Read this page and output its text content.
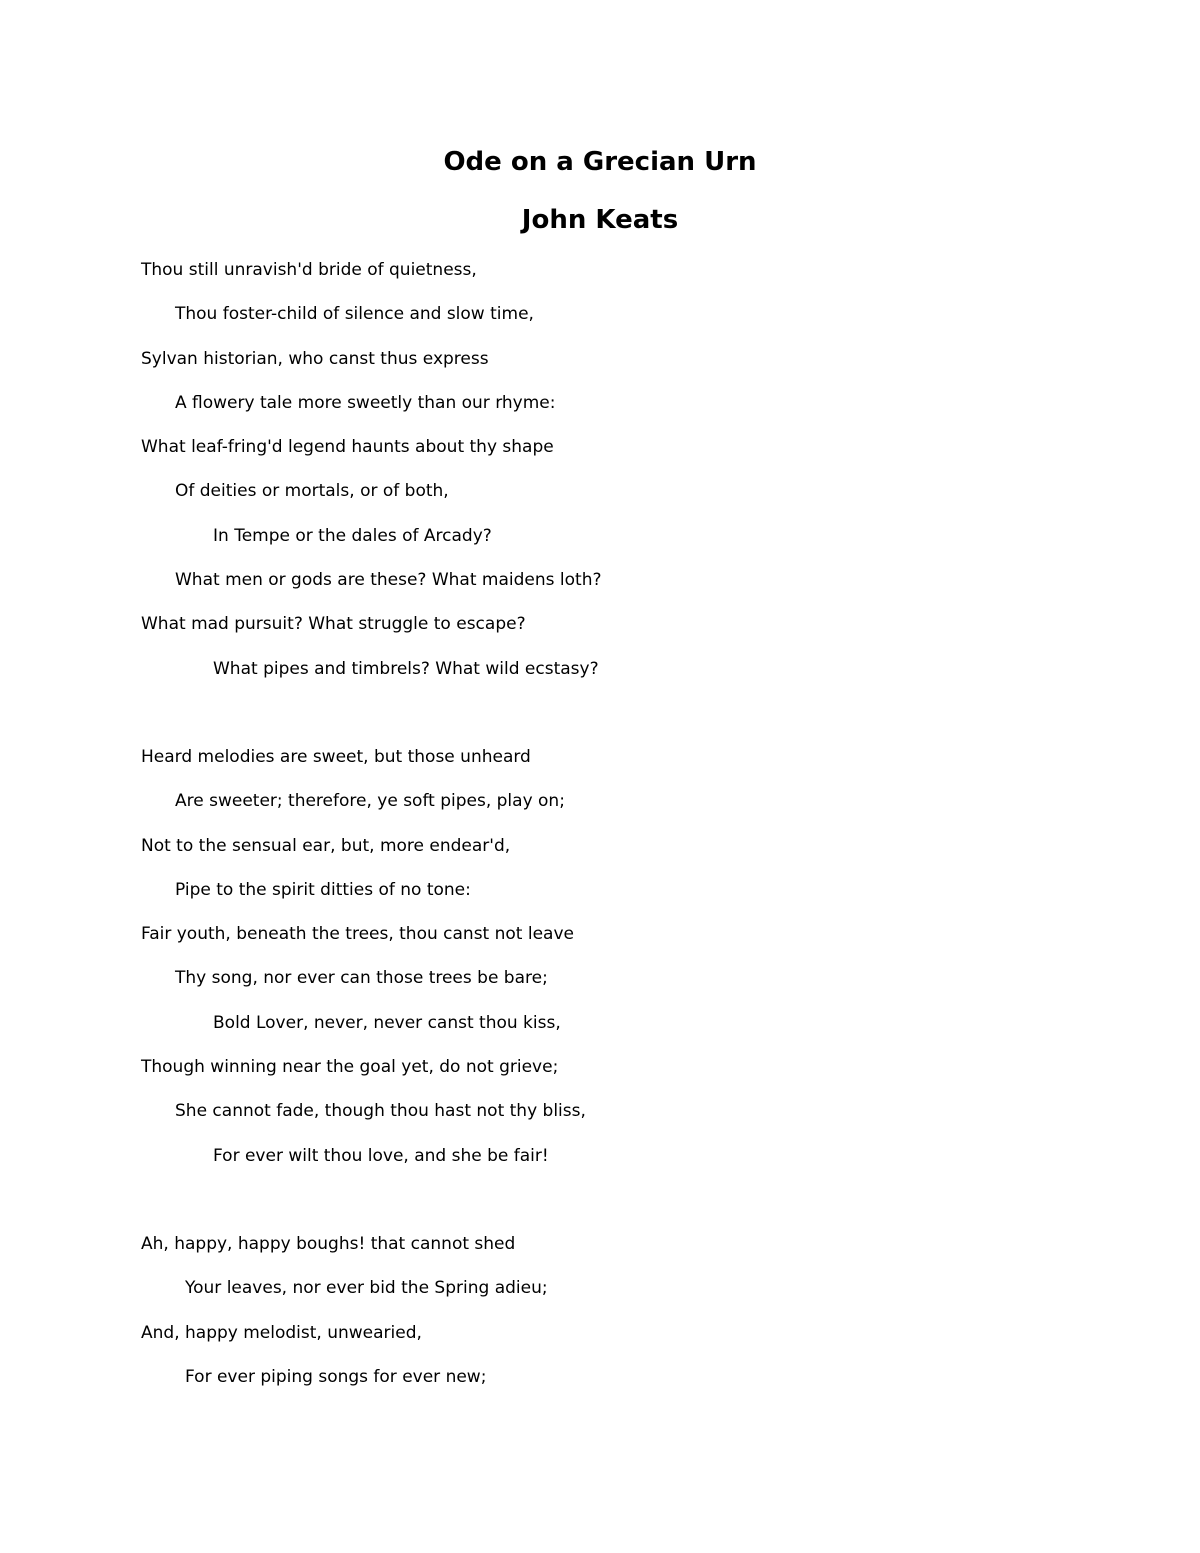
Ode on a Grecian Urn
John Keats
Thou still unravish'd bride of quietness,
Thou foster-child of silence and slow time,
Sylvan historian, who canst thus express
A flowery tale more sweetly than our rhyme:
What leaf-fring'd legend haunts about thy shape
Of deities or mortals, or of both,
In Tempe or the dales of Arcady?
What men or gods are these? What maidens loth?
What mad pursuit? What struggle to escape?
What pipes and timbrels? What wild ecstasy?
Heard melodies are sweet, but those unheard
Are sweeter; therefore, ye soft pipes, play on;
Not to the sensual ear, but, more endear'd,
Pipe to the spirit ditties of no tone:
Fair youth, beneath the trees, thou canst not leave
Thy song, nor ever can those trees be bare;
Bold Lover, never, never canst thou kiss,
Though winning near the goal yet, do not grieve;
She cannot fade, though thou hast not thy bliss,
For ever wilt thou love, and she be fair!
Ah, happy, happy boughs! that cannot shed
Your leaves, nor ever bid the Spring adieu;
And, happy melodist, unwearied,
For ever piping songs for ever new;
